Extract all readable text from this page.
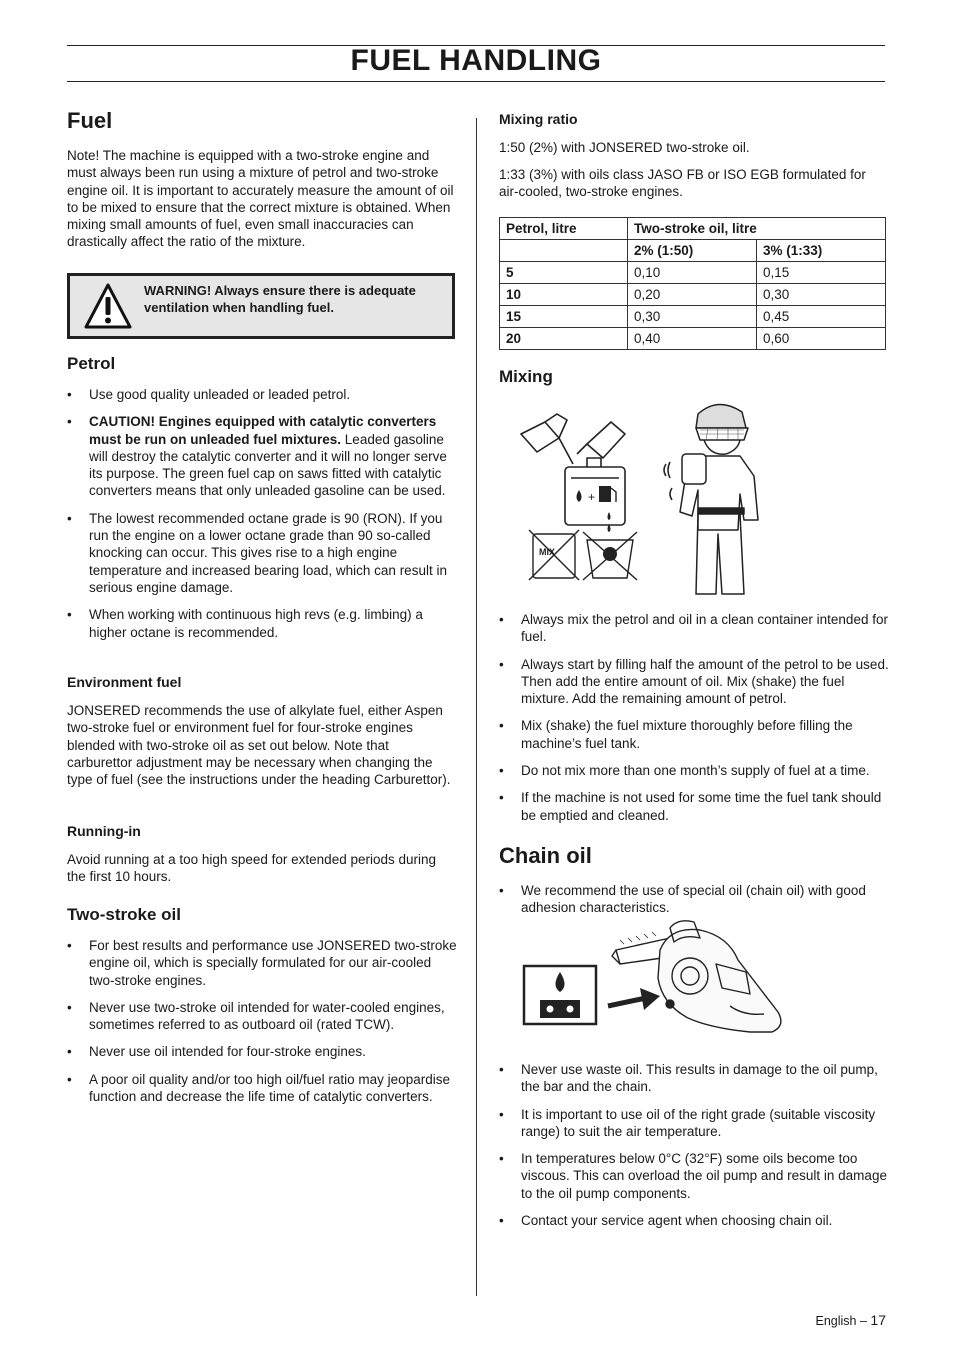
FUEL HANDLING
Fuel

Note! The machine is equipped with a two-stroke engine and must always been run using a mixture of petrol and two-stroke engine oil. It is important to accurately measure the amount of oil to be mixed to ensure that the correct mixture is obtained. When mixing small amounts of fuel, even small inaccuracies can drastically affect the ratio of the mixture.

WARNING! Always ensure there is adequate ventilation when handling fuel.
Petrol
• Use good quality unleaded or leaded petrol.
• CAUTION! Engines equipped with catalytic converters must be run on unleaded fuel mixtures. Leaded gasoline will destroy the catalytic converter and it will no longer serve its purpose. The green fuel cap on saws fitted with catalytic converters means that only unleaded gasoline can be used.
• The lowest recommended octane grade is 90 (RON). If you run the engine on a lower octane grade than 90 so-called knocking can occur. This gives rise to a high engine temperature and increased bearing load, which can result in serious engine damage.
• When working with continuous high revs (e.g. limbing) a higher octane is recommended.
Environment fuel

JONSERED recommends the use of alkylate fuel, either Aspen two-stroke fuel or environment fuel for four-stroke engines blended with two-stroke oil as set out below. Note that carburettor adjustment may be necessary when changing the type of fuel (see the instructions under the heading Carburettor).

Running-in

Avoid running at a too high speed for extended periods during the first 10 hours.

Two-stroke oil
• For best results and performance use JONSERED two-stroke engine oil, which is specially formulated for our air-cooled two-stroke engines.
• Never use two-stroke oil intended for water-cooled engines, sometimes referred to as outboard oil (rated TCW).
• Never use oil intended for four-stroke engines.
• A poor oil quality and/or too high oil/fuel ratio may jeopardise function and decrease the life time of catalytic converters.
Mixing ratio

1:50 (2%) with JONSERED two-stroke oil.

1:33 (3%) with oils class JASO FB or ISO EGB formulated for air-cooled, two-stroke engines.

Petrol, litre	Two-stroke oil, litre	
	2% (1:50)	3% (1:33)
5	0,10	0,15
10	0,20	0,30
15	0,30	0,45
20	0,40	0,60
Mixing
+
MIX
• Always mix the petrol and oil in a clean container intended for fuel.
• Always start by filling half the amount of the petrol to be used. Then add the entire amount of oil. Mix (shake) the fuel mixture. Add the remaining amount of petrol.
• Mix (shake) the fuel mixture thoroughly before filling the machine’s fuel tank.
• Do not mix more than one month’s supply of fuel at a time.
• If the machine is not used for some time the fuel tank should be emptied and cleaned.
Chain oil
• We recommend the use of special oil (chain oil) with good adhesion characteristics.
• Never use waste oil. This results in damage to the oil pump, the bar and the chain.
• It is important to use oil of the right grade (suitable viscosity range) to suit the air temperature.
• In temperatures below 0°C (32°F) some oils become too viscous. This can overload the oil pump and result in damage to the oil pump components.
• Contact your service agent when choosing chain oil.
English – 17
